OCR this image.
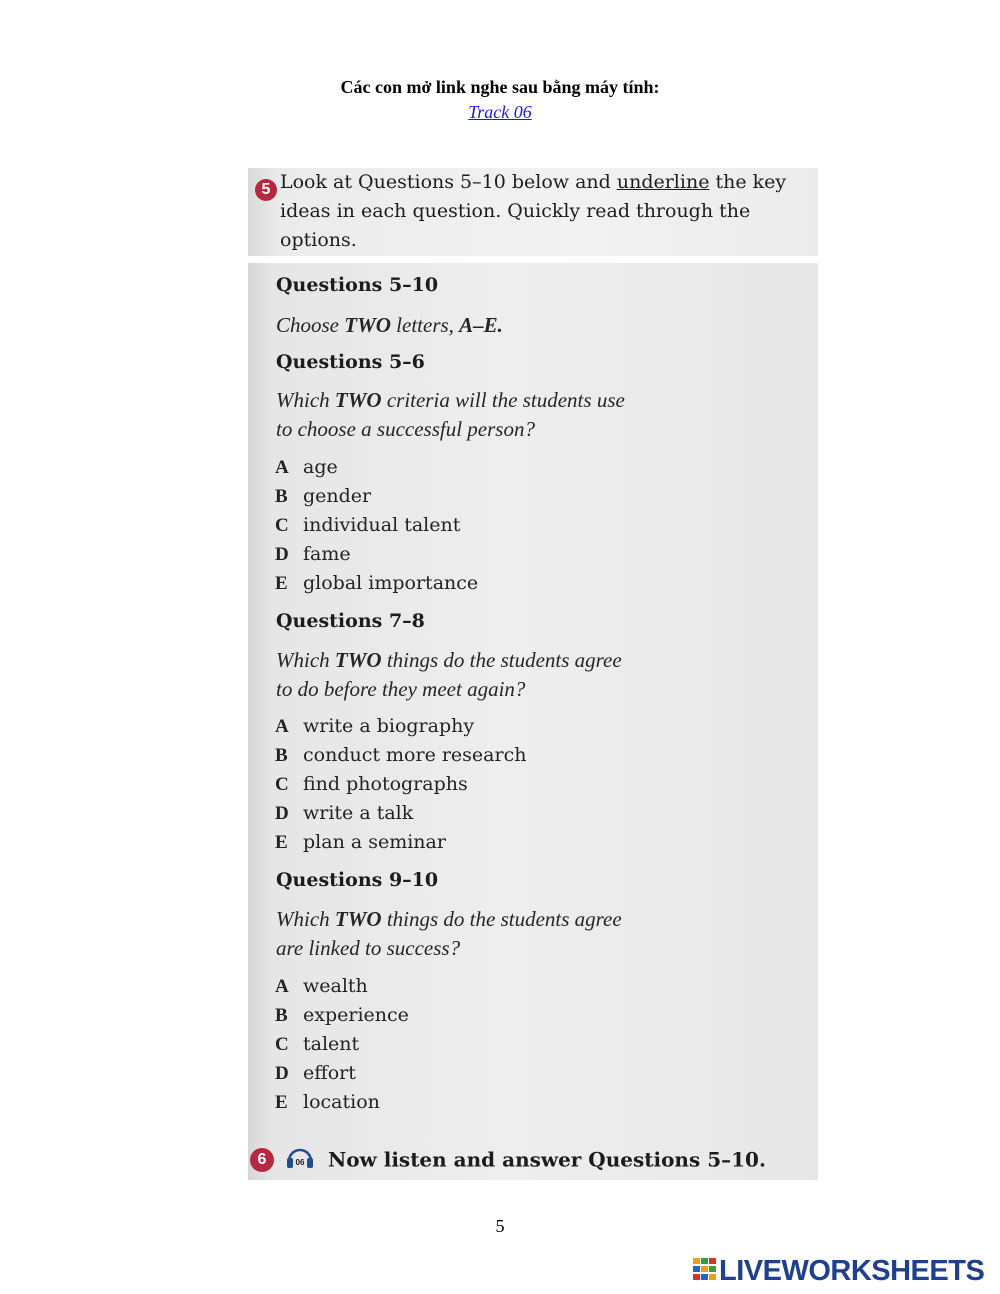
Các con mở link nghe sau bằng máy tính:
Track 06
5 Look at Questions 5–10 below and underline the key ideas in each question. Quickly read through the options.
Questions 5–10
Choose TWO letters, A–E.
Questions 5–6
Which TWO criteria will the students use
to choose a successful person?
A age
B gender
C individual talent
D fame
E global importance
Questions 7–8
Which TWO things do the students agree
to do before they meet again?
A write a biography
B conduct more research
C find photographs
D write a talk
E plan a seminar
Questions 9–10
Which TWO things do the students agree
are linked to success?
A wealth
B experience
C talent
D effort
E location
6	06 Now listen and answer Questions 5–10.
5
LIVEWORKSHEETS
